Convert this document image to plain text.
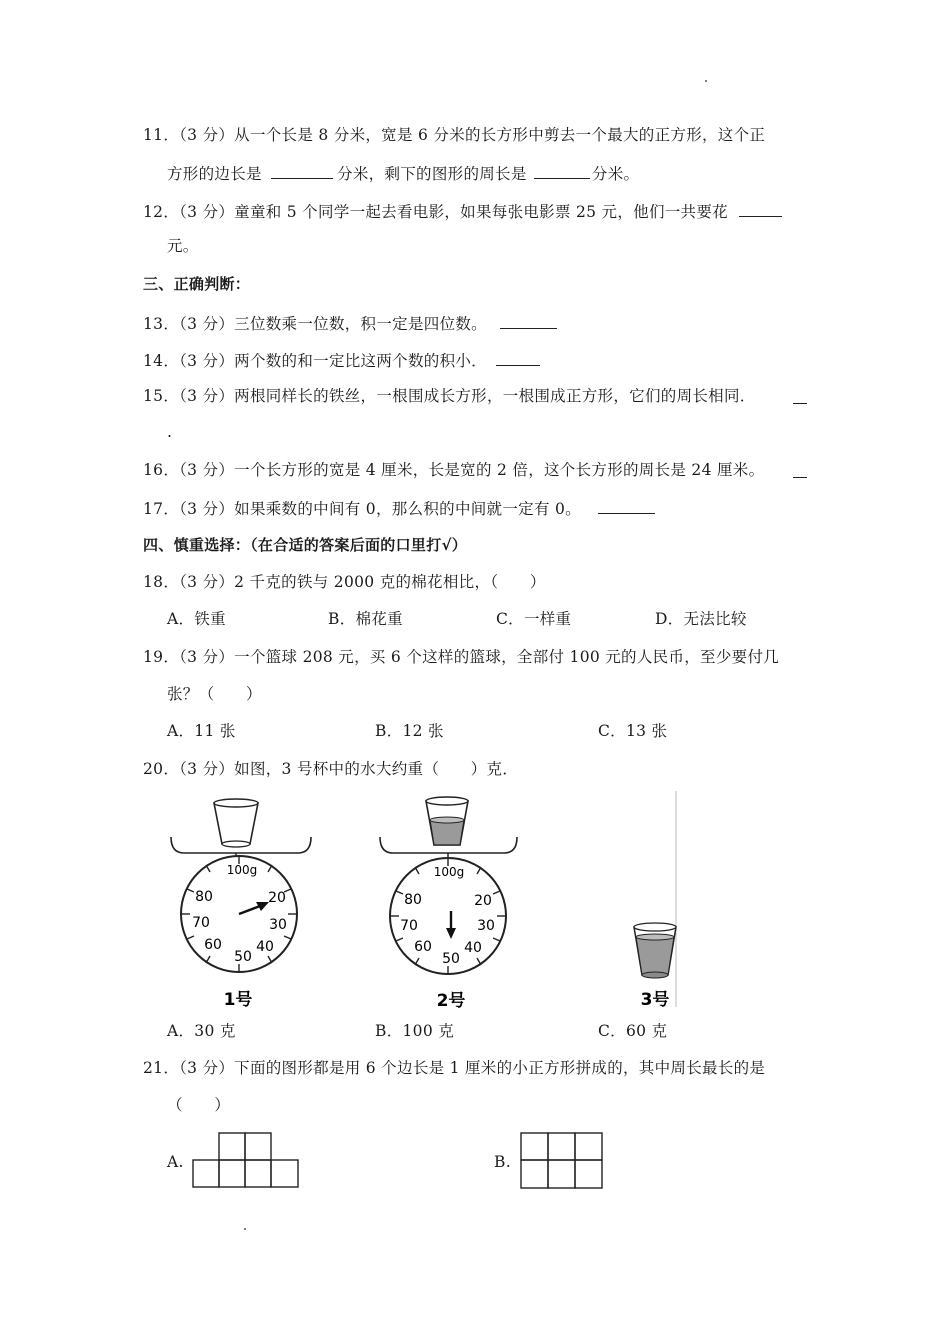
11．（3 分）从一个长是 8 分米，宽是 6 分米的长方形中剪去一个最大的正方形，这个正
方形的边长是	分米，剩下的图形的周长是	分米。
12．（3 分）童童和 5 个同学一起去看电影，如果每张电影票 25 元，他们一共要花
元。
三、正确判断：
13．（3 分）三位数乘一位数，积一定是四位数。
14．（3 分）两个数的和一定比这两个数的积小．
15．（3 分）两根同样长的铁丝，一根围成长方形，一根围成正方形，它们的周长相同．
.
16．（3 分）一个长方形的宽是 4 厘米，长是宽的 2 倍，这个长方形的周长是 24 厘米。
17．（3 分）如果乘数的中间有 0，那么积的中间就一定有 0。
四、慎重选择：（在合适的答案后面的口里打√）
18．（3 分）2 千克的铁与 2000 克的棉花相比，（　　）
A．铁重	B．棉花重	C．一样重	D．无法比较
19．（3 分）一个篮球 208 元，买 6 个这样的篮球，全部付 100 元的人民币，至少要付几
张？（　　）
A．11 张	B．12 张	C．13 张
20．（3 分）如图，3 号杯中的水大约重（　　）克．
100g
20
30
40
50
60
70
80
1号
100g
20
30
40
50
60
70
80
2号	3号
A．30 克	B．100 克	C．60 克
21．（3 分）下面的图形都是用 6 个边长是 1 厘米的小正方形拼成的，其中周长最长的是
（　　）
A.	B.
